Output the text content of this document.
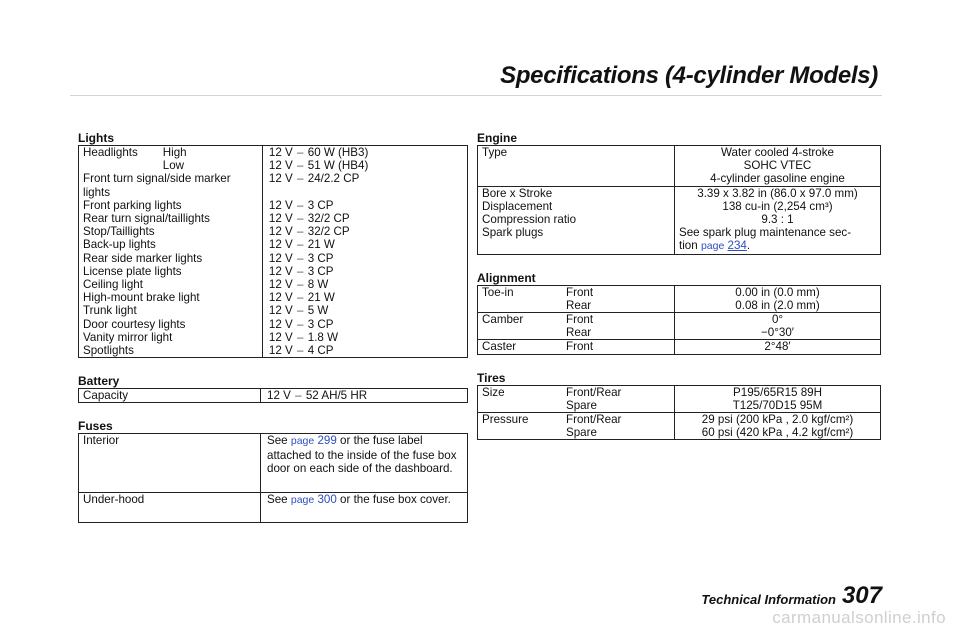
Specifications (4-cylinder Models)
Lights
Headlights	High	12 V – 60 W (HB3)
	Low	12 V – 51 W (HB4)
Front turn signal/side marker lights		12 V – 24/2.2 CP
Front parking lights		12 V – 3 CP
Rear turn signal/taillights		12 V – 32/2 CP
Stop/Taillights		12 V – 32/2 CP
Back-up lights		12 V – 21 W
Rear side marker lights		12 V – 3 CP
License plate lights		12 V – 3 CP
Ceiling light		12 V – 8 W
High-mount brake light		12 V – 21 W
Trunk light		12 V – 5 W
Door courtesy lights		12 V – 3 CP
Vanity mirror light		12 V – 1.8 W
Spotlights		12 V – 4 CP
Battery
Capacity	12 V – 52 AH/5 HR
Fuses
Interior	See page 299 or the fuse label attached to the inside of the fuse box door on each side of the dashboard.
Under-hood	See page 300 or the fuse box cover.
Engine
Type	Water cooled 4-stroke
SOHC VTEC
4-cylinder gasoline engine

Bore x Stroke	3.39 x 3.82 in (86.0 x 97.0 mm)
Displacement	138 cu-in (2,254 cm³)
Compression ratio	9.3 : 1
Spark plugs	See spark plug maintenance sec-
tion page 234.
Alignment
Toe-in	Front	0.00 in (0.0 mm)
	Rear	0.08 in (2.0 mm)
Camber	Front	0°
	Rear	−0°30′
Caster	Front	2°48′
Tires
Size	Front/Rear	P195/65R15 89H
	Spare	T125/70D15 95M
Pressure	Front/Rear	29 psi (200 kPa , 2.0 kgf/cm²)
	Spare	60 psi (420 kPa , 4.2 kgf/cm²)
Technical Information 307
carmanualsonline.info
